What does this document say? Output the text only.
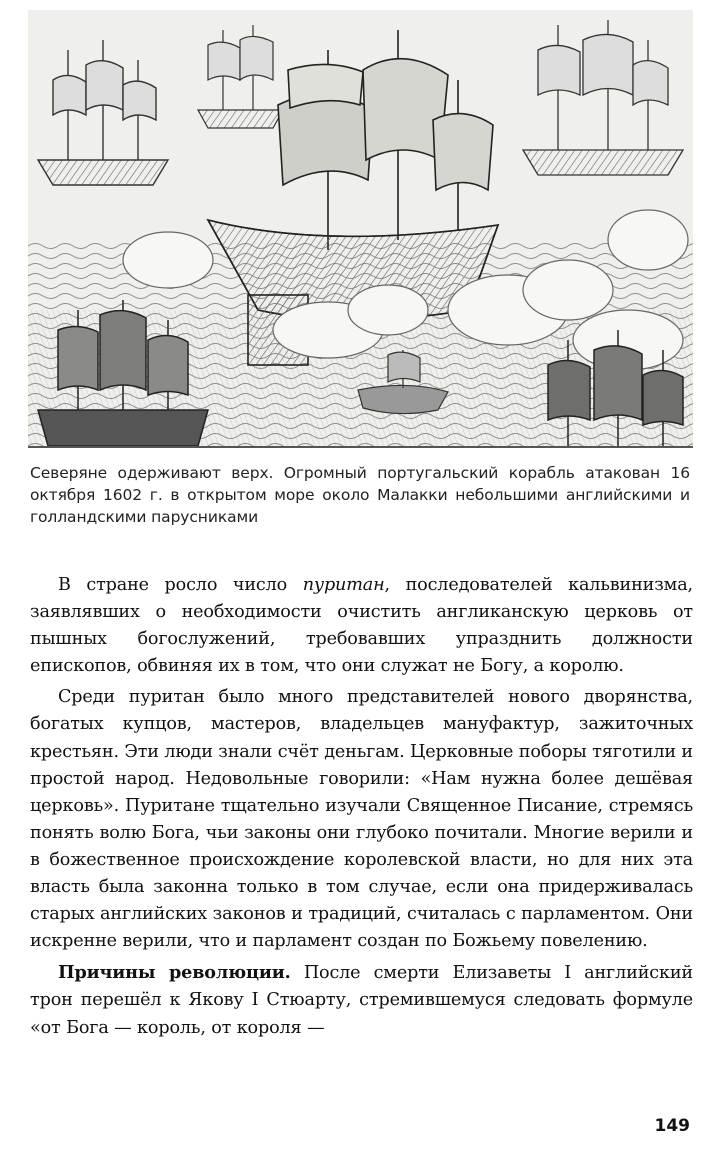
Северяне одерживают верх. Огромный португальский корабль атакован 16 октября 1602 г. в открытом море около Малакки небольшими английскими и голландскими парусниками

В стране росло число пуритан, последователей кальвинизма, заявлявших о необходимости очистить англиканскую церковь от пышных богослужений, требовавших упразднить должности епископов, обвиняя их в том, что они служат не Богу, а королю.

Среди пуритан было много представителей нового дворянства, богатых купцов, мастеров, владельцев мануфактур, зажиточных крестьян. Эти люди знали счёт деньгам. Церковные поборы тяготили и простой народ. Недовольные говорили: «Нам нужна более дешёвая церковь». Пуритане тщательно изучали Священное Писание, стремясь понять волю Бога, чьи законы они глубоко почитали. Многие верили и в божественное происхождение королевской власти, но для них эта власть была законна только в том случае, если она придерживалась старых английских законов и традиций, считалась с парламентом. Они искренне верили, что и парламент создан по Божьему повелению.

Причины революции. После смерти Елизаветы I английский трон перешёл к Якову I Стюарту, стремившемуся следовать формуле «от Бога — король, от короля —

149
